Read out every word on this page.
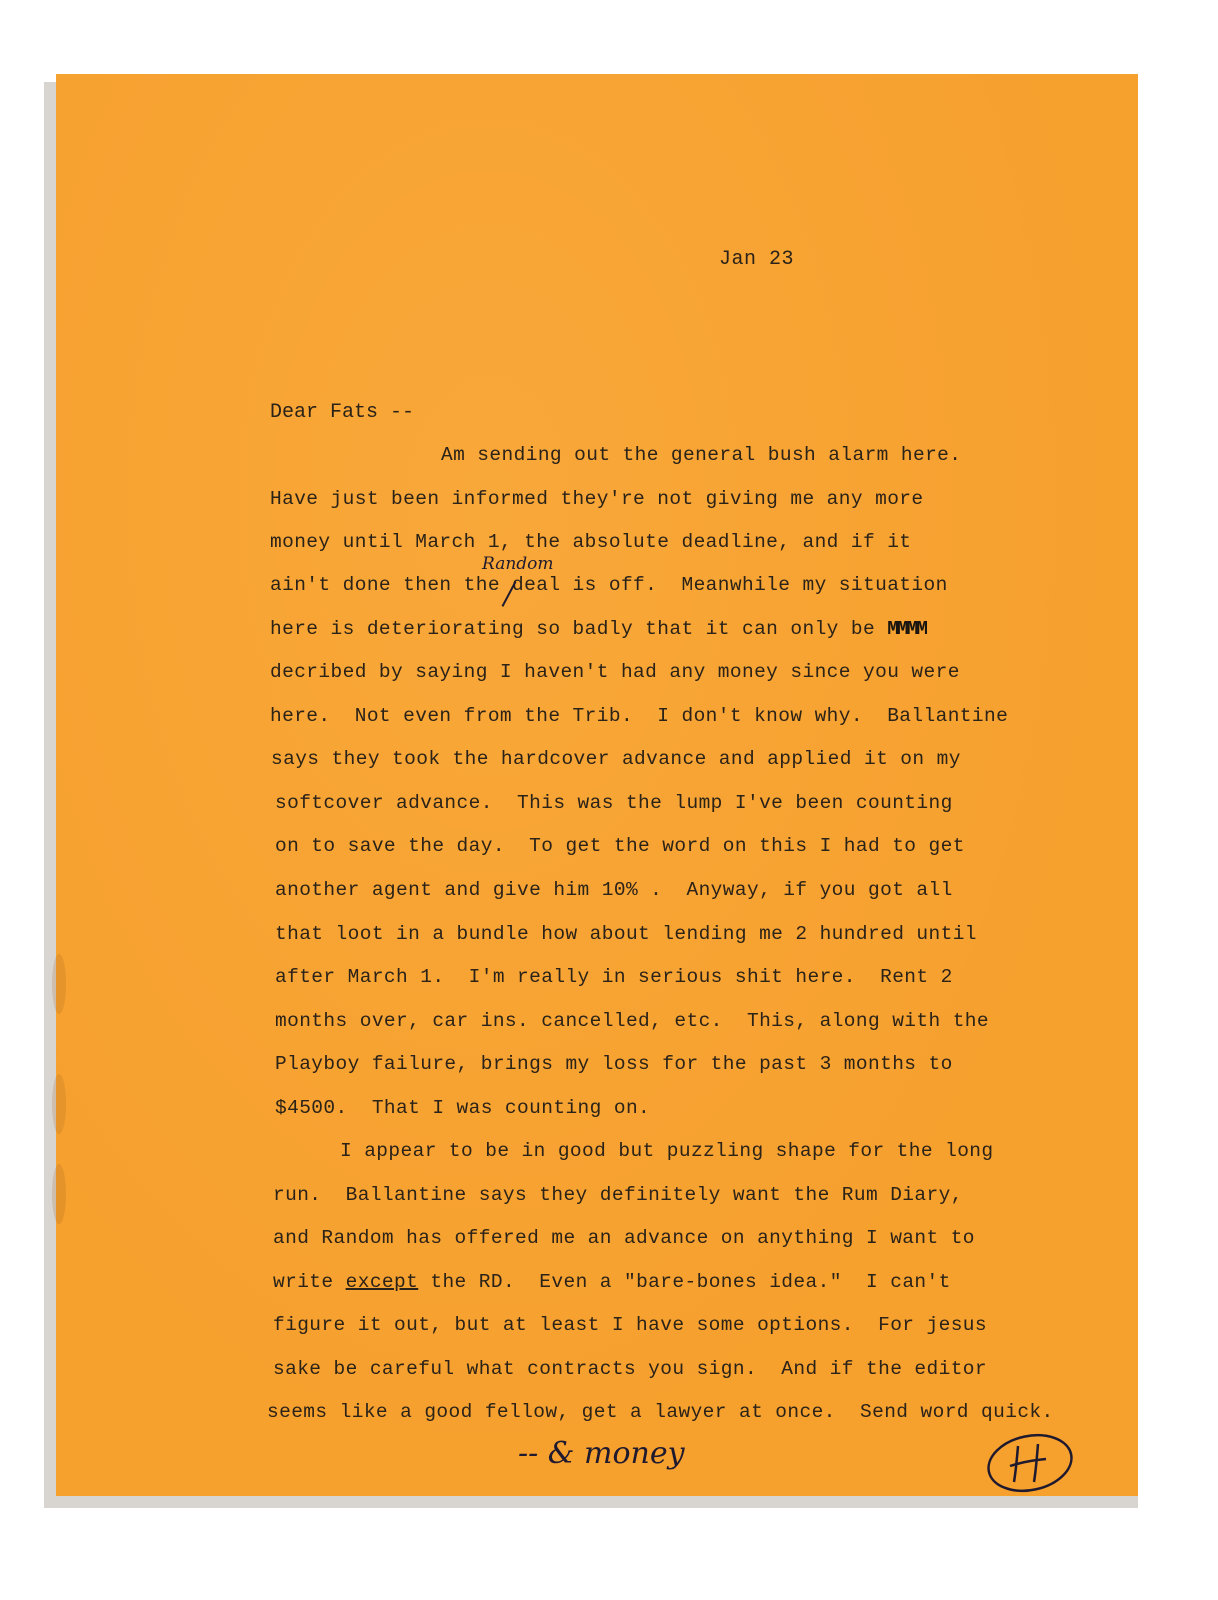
Jan 23
Dear Fats --
Am sending out the general bush alarm here.
Have just been informed they're not giving me any more
money until March 1, the absolute deadline, and if it
ain't done then the deal is off.  Meanwhile my situation
here is deteriorating so badly that it can only be MMMM
decribed by saying I haven't had any money since you were
here.  Not even from the Trib.  I don't know why.  Ballantine
says they took the hardcover advance and applied it on my
softcover advance.  This was the lump I've been counting
on to save the day.  To get the word on this I had to get
another agent and give him 10% .  Anyway, if you got all
that loot in a bundle how about lending me 2 hundred until
after March 1.  I'm really in serious shit here.  Rent 2
months over, car ins. cancelled, etc.  This, along with the
Playboy failure, brings my loss for the past 3 months to
$4500.  That I was counting on.
I appear to be in good but puzzling shape for the long
run.  Ballantine says they definitely want the Rum Diary,
and Random has offered me an advance on anything I want to
write except the RD.  Even a "bare-bones idea."  I can't
figure it out, but at least I have some options.  For jesus
sake be careful what contracts you sign.  And if the editor
seems like a good fellow, get a lawyer at once.  Send word quick.
Random
-- & money
